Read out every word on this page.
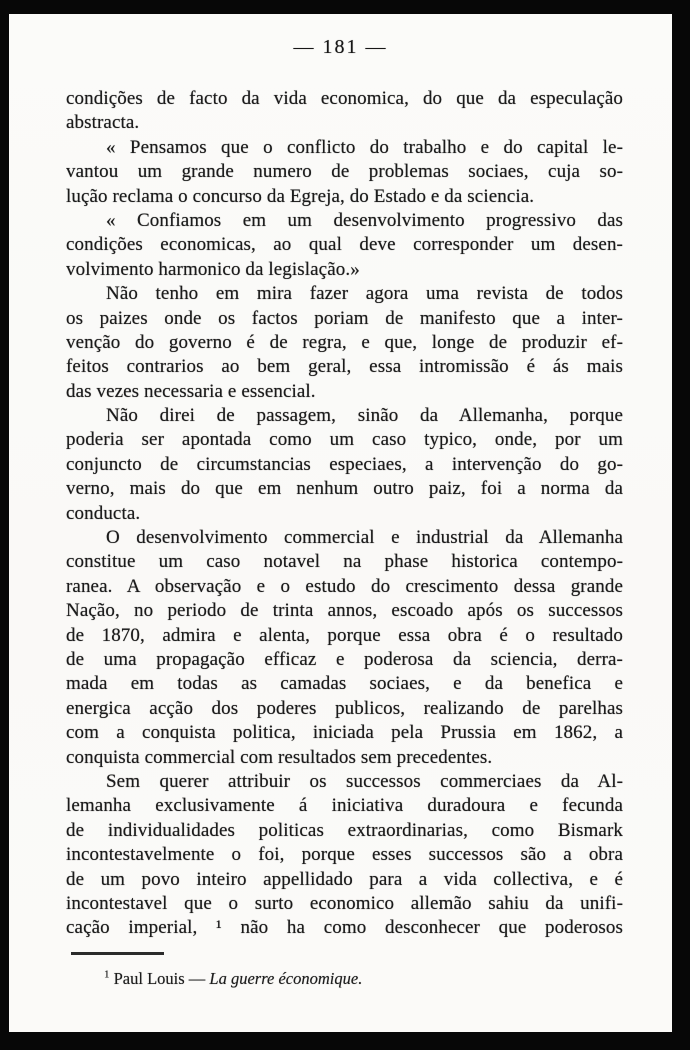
— 181 —
condições de facto da vida economica, do que da especulação
abstracta.
« Pensamos que o conflicto do trabalho e do capital le-
vantou um grande numero de problemas sociaes, cuja so-
lução reclama o concurso da Egreja, do Estado e da sciencia.
« Confiamos em um desenvolvimento progressivo das
condições economicas, ao qual deve corresponder um desen-
volvimento harmonico da legislação.»
Não tenho em mira fazer agora uma revista de todos
os paizes onde os factos poriam de manifesto que a inter-
venção do governo é de regra, e que, longe de produzir ef-
feitos contrarios ao bem geral, essa intromissão é ás mais
das vezes necessaria e essencial.
Não direi de passagem, sinão da Allemanha, porque
poderia ser apontada como um caso typico, onde, por um
conjuncto de circumstancias especiaes, a intervenção do go-
verno, mais do que em nenhum outro paiz, foi a norma da
conducta.
O desenvolvimento commercial e industrial da Allemanha
constitue um caso notavel na phase historica contempo-
ranea. A observação e o estudo do crescimento dessa grande
Nação, no periodo de trinta annos, escoado após os successos
de 1870, admira e alenta, porque essa obra é o resultado
de uma propagação efficaz e poderosa da sciencia, derra-
mada em todas as camadas sociaes, e da benefica e
energica acção dos poderes publicos, realizando de parelhas
com a conquista politica, iniciada pela Prussia em 1862, a
conquista commercial com resultados sem precedentes.
Sem querer attribuir os successos commerciaes da Al-
lemanha exclusivamente á iniciativa duradoura e fecunda
de individualidades politicas extraordinarias, como Bismark
incontestavelmente o foi, porque esses successos são a obra
de um povo inteiro appellidado para a vida collectiva, e é
incontestavel que o surto economico allemão sahiu da unifi-
cação imperial, ¹ não ha como desconhecer que poderosos
$^1$ Paul Louis — La guerre économique.
